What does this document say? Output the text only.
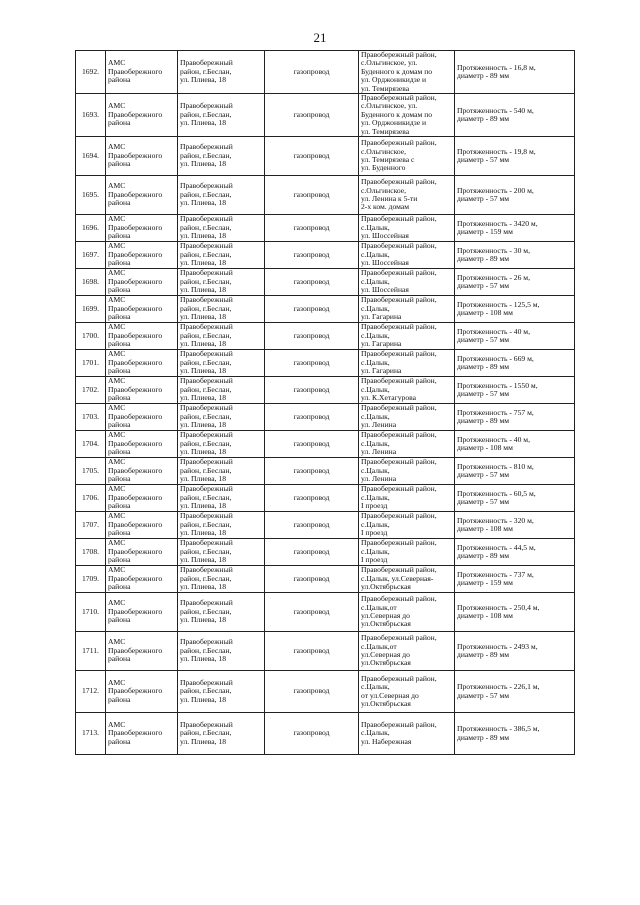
21
1692.	АМС
Правобережного
района	Правобережный
район, г.Беслан,
ул. Плиева, 18	газопровод	Правобережный район,
с.Ольгинское, ул.
Буденного к домам по
ул. Орджоникидзе и
ул. Темирязева	Протяженность - 16,8 м,
диаметр - 89 мм
1693.	АМС
Правобережного
района	Правобережный
район, г.Беслан,
ул. Плиева, 18	газопровод	Правобережный район,
с.Ольгинское, ул.
Буденного к домам по
ул. Орджоникидзе и
ул. Темирязева	Протяженность - 540 м,
диаметр - 89 мм
1694.	АМС
Правобережного
района	Правобережный
район, г.Беслан,
ул. Плиева, 18	газопровод	Правобережный район,
с.Ольгинское,
ул. Темирязева с
ул. Буденного	Протяженность - 19,8 м,
диаметр - 57 мм
1695.	АМС
Правобережного
района	Правобережный
район, г.Беслан,
ул. Плиева, 18	газопровод	Правобережный район,
с.Ольгинское,
ул. Ленина к 5-ти
2-х ком. домам	Протяженность - 200 м,
диаметр - 57 мм
1696.	АМС
Правобережного
района	Правобережный
район, г.Беслан,
ул. Плиева, 18	газопровод	Правобережный район,
с.Цалык,
ул. Шоссейная	Протяженность - 3420 м,
диаметр - 159 мм
1697.	АМС
Правобережного
района	Правобережный
район, г.Беслан,
ул. Плиева, 18	газопровод	Правобережный район,
с.Цалык,
ул. Шоссейная	Протяженность - 30 м,
диаметр - 89 мм
1698.	АМС
Правобережного
района	Правобережный
район, г.Беслан,
ул. Плиева, 18	газопровод	Правобережный район,
с.Цалык,
ул. Шоссейная	Протяженность - 26 м,
диаметр - 57 мм
1699.	АМС
Правобережного
района	Правобережный
район, г.Беслан,
ул. Плиева, 18	газопровод	Правобережный район,
с.Цалык,
ул. Гагарина	Протяженность - 125,5 м,
диаметр - 108 мм
1700.	АМС
Правобережного
района	Правобережный
район, г.Беслан,
ул. Плиева, 18	газопровод	Правобережный район,
с.Цалык,
ул. Гагарина	Протяженность - 40 м,
диаметр - 57 мм
1701.	АМС
Правобережного
района	Правобережный
район, г.Беслан,
ул. Плиева, 18	газопровод	Правобережный район,
с.Цалык,
ул. Гагарина	Протяженность - 669 м,
диаметр - 89 мм
1702.	АМС
Правобережного
района	Правобережный
район, г.Беслан,
ул. Плиева, 18	газопровод	Правобережный район,
с.Цалык,
ул. К.Хетагурова	Протяженность - 1550 м,
диаметр - 57 мм
1703.	АМС
Правобережного
района	Правобережный
район, г.Беслан,
ул. Плиева, 18	газопровод	Правобережный район,
с.Цалык,
ул. Ленина	Протяженность - 757 м,
диаметр - 89 мм
1704.	АМС
Правобережного
района	Правобережный
район, г.Беслан,
ул. Плиева, 18	газопровод	Правобережный район,
с.Цалык,
ул. Ленина	Протяженность - 40 м,
диаметр - 108 мм
1705.	АМС
Правобережного
района	Правобережный
район, г.Беслан,
ул. Плиева, 18	газопровод	Правобережный район,
с.Цалык,
ул. Ленина	Протяженность - 810 м,
диаметр - 57 мм
1706.	АМС
Правобережного
района	Правобережный
район, г.Беслан,
ул. Плиева, 18	газопровод	Правобережный район,
с.Цалык,
I проезд	Протяженность - 60,5 м,
диаметр - 57 мм
1707.	АМС
Правобережного
района	Правобережный
район, г.Беслан,
ул. Плиева, 18	газопровод	Правобережный район,
с.Цалык,
I проезд	Протяженность - 320 м,
диаметр - 108 мм
1708.	АМС
Правобережного
района	Правобережный
район, г.Беслан,
ул. Плиева, 18	газопровод	Правобережный район,
с.Цалык,
I проезд	Протяженность - 44,5 м,
диаметр - 89 мм
1709.	АМС
Правобережного
района	Правобережный
район, г.Беслан,
ул. Плиева, 18	газопровод	Правобережный район,
с.Цалык, ул.Северная-
ул.Октябрьская	Протяженность - 737 м,
диаметр - 159 мм
1710.	АМС
Правобережного
района	Правобережный
район, г.Беслан,
ул. Плиева, 18	газопровод	Правобережный район,
с.Цалык,от
ул.Северная до
ул.Октябрьская	Протяженность - 250,4 м,
диаметр - 108 мм
1711.	АМС
Правобережного
района	Правобережный
район, г.Беслан,
ул. Плиева, 18	газопровод	Правобережный район,
с.Цалык,от
ул.Северная до
ул.Октябрьская	Протяженность - 2493 м,
диаметр - 89 мм
1712.	АМС
Правобережного
района	Правобережный
район, г.Беслан,
ул. Плиева, 18	газопровод	Правобережный район,
с.Цалык,
от ул.Северная до
ул.Октябрьская	Протяженность - 226,1 м,
диаметр - 57 мм
1713.	АМС
Правобережного
района	Правобережный
район, г.Беслан,
ул. Плиева, 18	газопровод	Правобережный район,
с.Цалык,
ул. Набережная	Протяженность - 386,5 м,
диаметр - 89 мм
